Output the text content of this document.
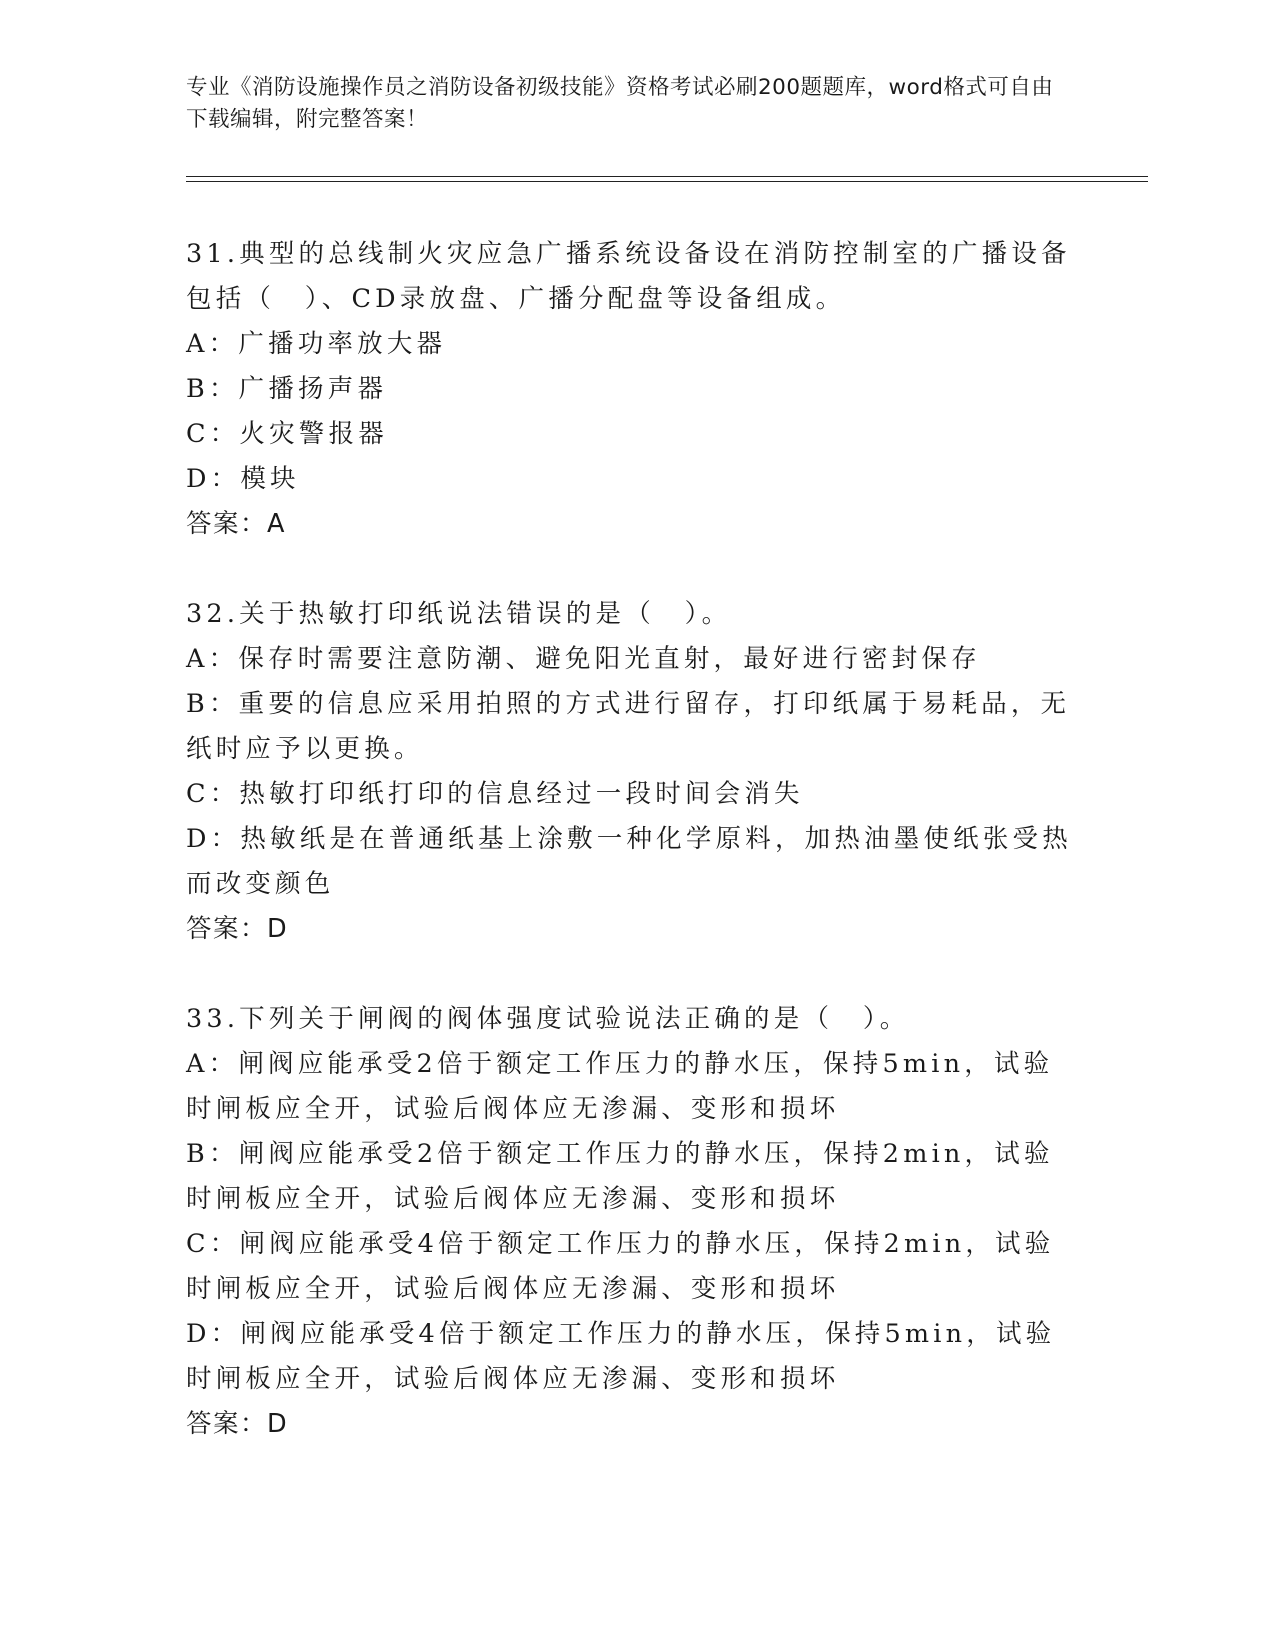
专业《消防设施操作员之消防设备初级技能》资格考试必刷200题题库，word格式可自由下载编辑，附完整答案！
31.典型的总线制火灾应急广播系统设备设在消防控制室的广播设备包括（　）、CD录放盘、广播分配盘等设备组成。
A：广播功率放大器
B：广播扬声器
C：火灾警报器
D：模块
答案：A
32.关于热敏打印纸说法错误的是（　）。
A：保存时需要注意防潮、避免阳光直射，最好进行密封保存
B：重要的信息应采用拍照的方式进行留存，打印纸属于易耗品，无纸时应予以更换。
C：热敏打印纸打印的信息经过一段时间会消失
D：热敏纸是在普通纸基上涂敷一种化学原料，加热油墨使纸张受热而改变颜色
答案：D
33.下列关于闸阀的阀体强度试验说法正确的是（　）。
A：闸阀应能承受2倍于额定工作压力的静水压，保持5min，试验时闸板应全开，试验后阀体应无渗漏、变形和损坏
B：闸阀应能承受2倍于额定工作压力的静水压，保持2min，试验时闸板应全开，试验后阀体应无渗漏、变形和损坏
C：闸阀应能承受4倍于额定工作压力的静水压，保持2min，试验时闸板应全开，试验后阀体应无渗漏、变形和损坏
D：闸阀应能承受4倍于额定工作压力的静水压，保持5min，试验时闸板应全开，试验后阀体应无渗漏、变形和损坏
答案：D
